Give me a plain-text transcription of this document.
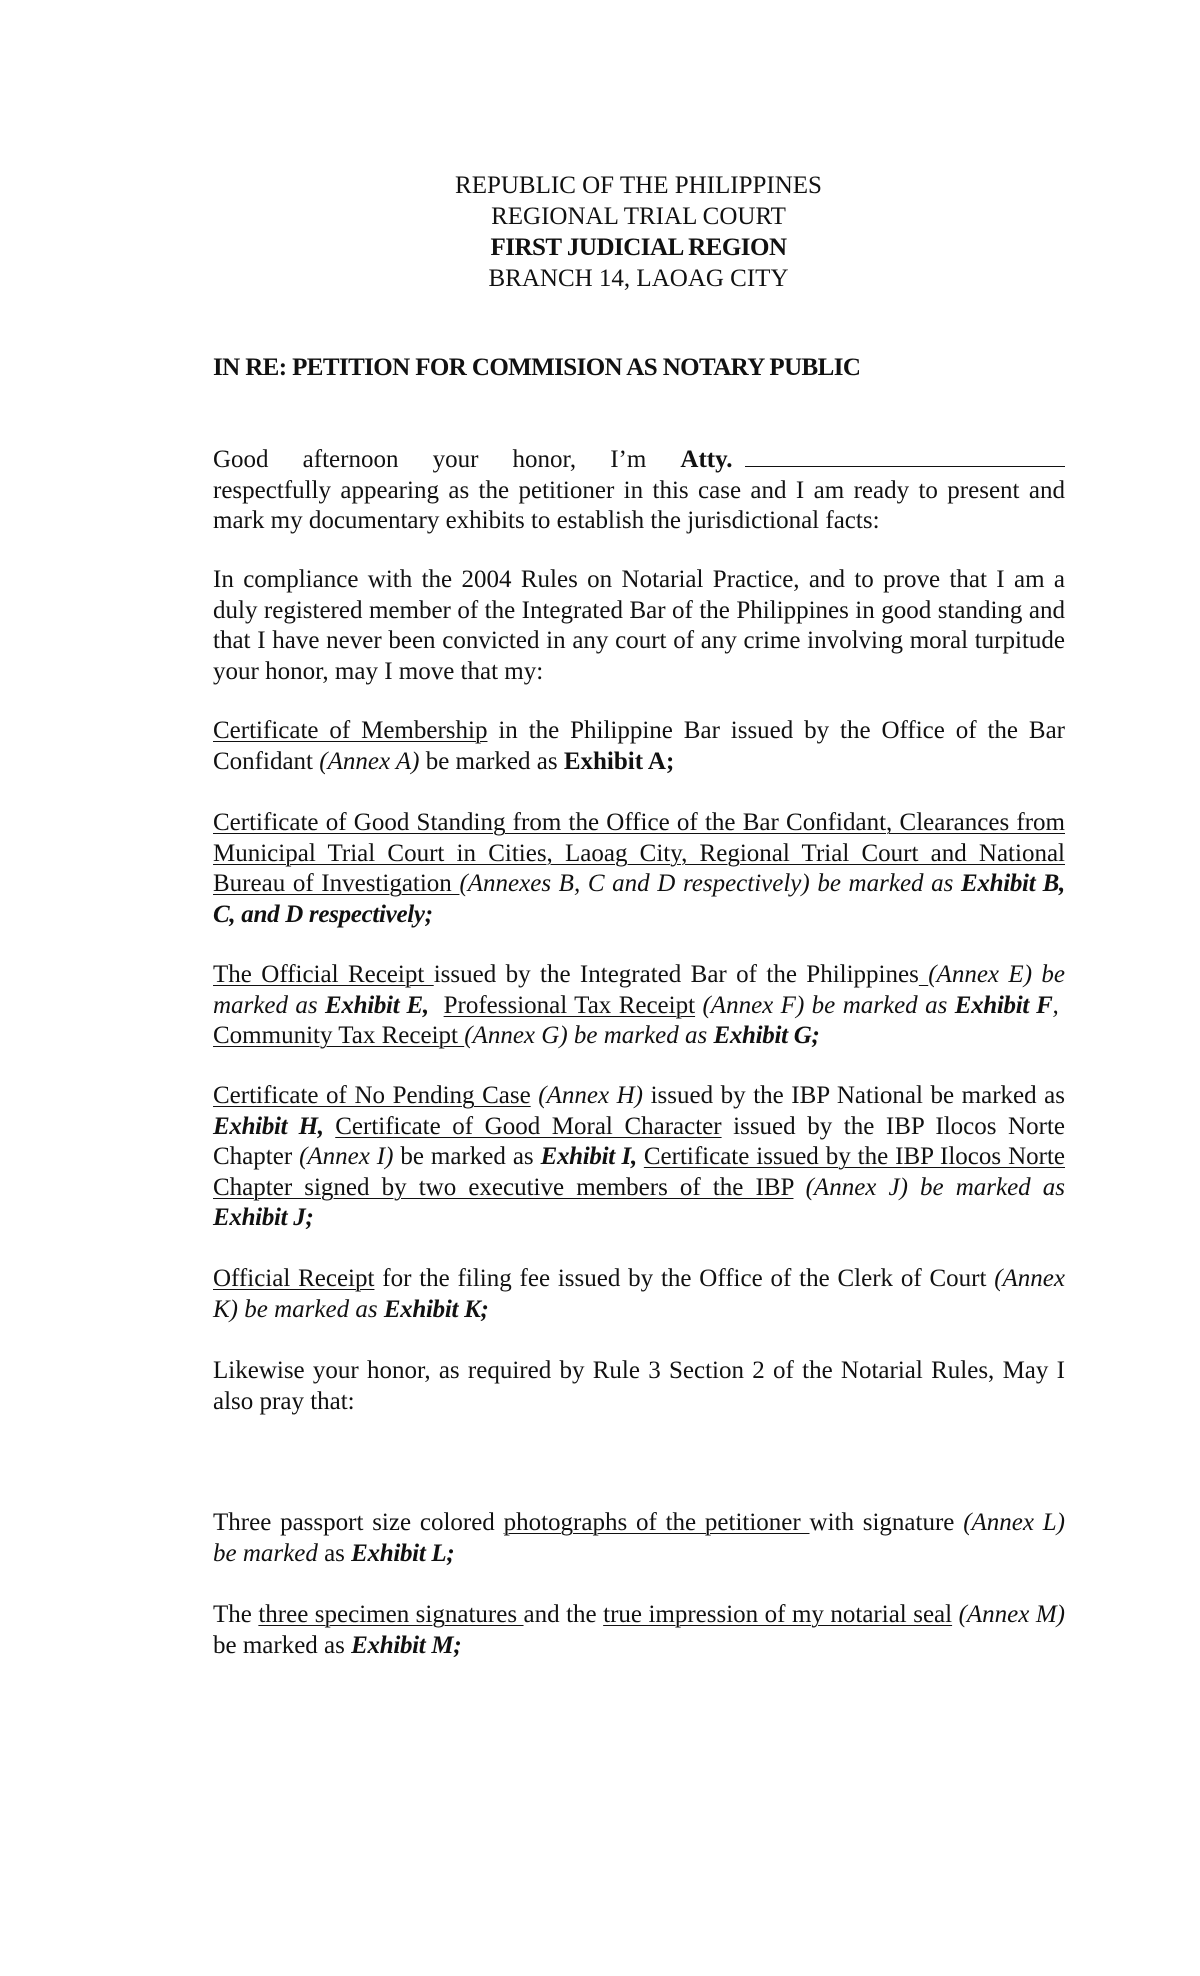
REPUBLIC OF THE PHILIPPINES
REGIONAL TRIAL COURT
FIRST JUDICIAL REGION
BRANCH 14, LAOAG CITY
IN RE: PETITION FOR COMMISION AS NOTARY PUBLIC
Good afternoon your honor, I’m Atty.
respectfully appearing as the petitioner in this case and I am ready to present and mark my documentary exhibits to establish the jurisdictional facts:
In compliance with the 2004 Rules on Notarial Practice, and to prove that I am a duly registered member of the Integrated Bar of the Philippines in good standing and that I have never been convicted in any court of any crime involving moral turpitude your honor, may I move that my:
Certificate of Membership in the Philippine Bar issued by the Office of the Bar Confidant (Annex A) be marked as Exhibit A;
Certificate of Good Standing from the Office of the Bar Confidant, Clearances from Municipal Trial Court in Cities, Laoag City, Regional Trial Court and National Bureau of Investigation (Annexes B, C and D respectively) be marked as Exhibit B, C, and D respectively;
The Official Receipt issued by the Integrated Bar of the Philippines (Annex E) be marked as Exhibit E, Professional Tax Receipt (Annex F) be marked as Exhibit F,  Community Tax Receipt (Annex G) be marked as Exhibit G;
Certificate of No Pending Case (Annex H) issued by the IBP National be marked as Exhibit H, Certificate of Good Moral Character issued by the IBP Ilocos Norte Chapter (Annex I) be marked as Exhibit I, Certificate issued by the IBP Ilocos Norte Chapter signed by two executive members of the IBP (Annex J) be marked as Exhibit J;
Official Receipt for the filing fee issued by the Office of the Clerk of Court (Annex K) be marked as Exhibit K;
Likewise your honor, as required by Rule 3 Section 2 of the Notarial Rules, May I also pray that:
Three passport size colored photographs of the petitioner with signature (Annex L) be marked as Exhibit L;
The three specimen signatures and the true impression of my notarial seal (Annex M) be marked as Exhibit M;
